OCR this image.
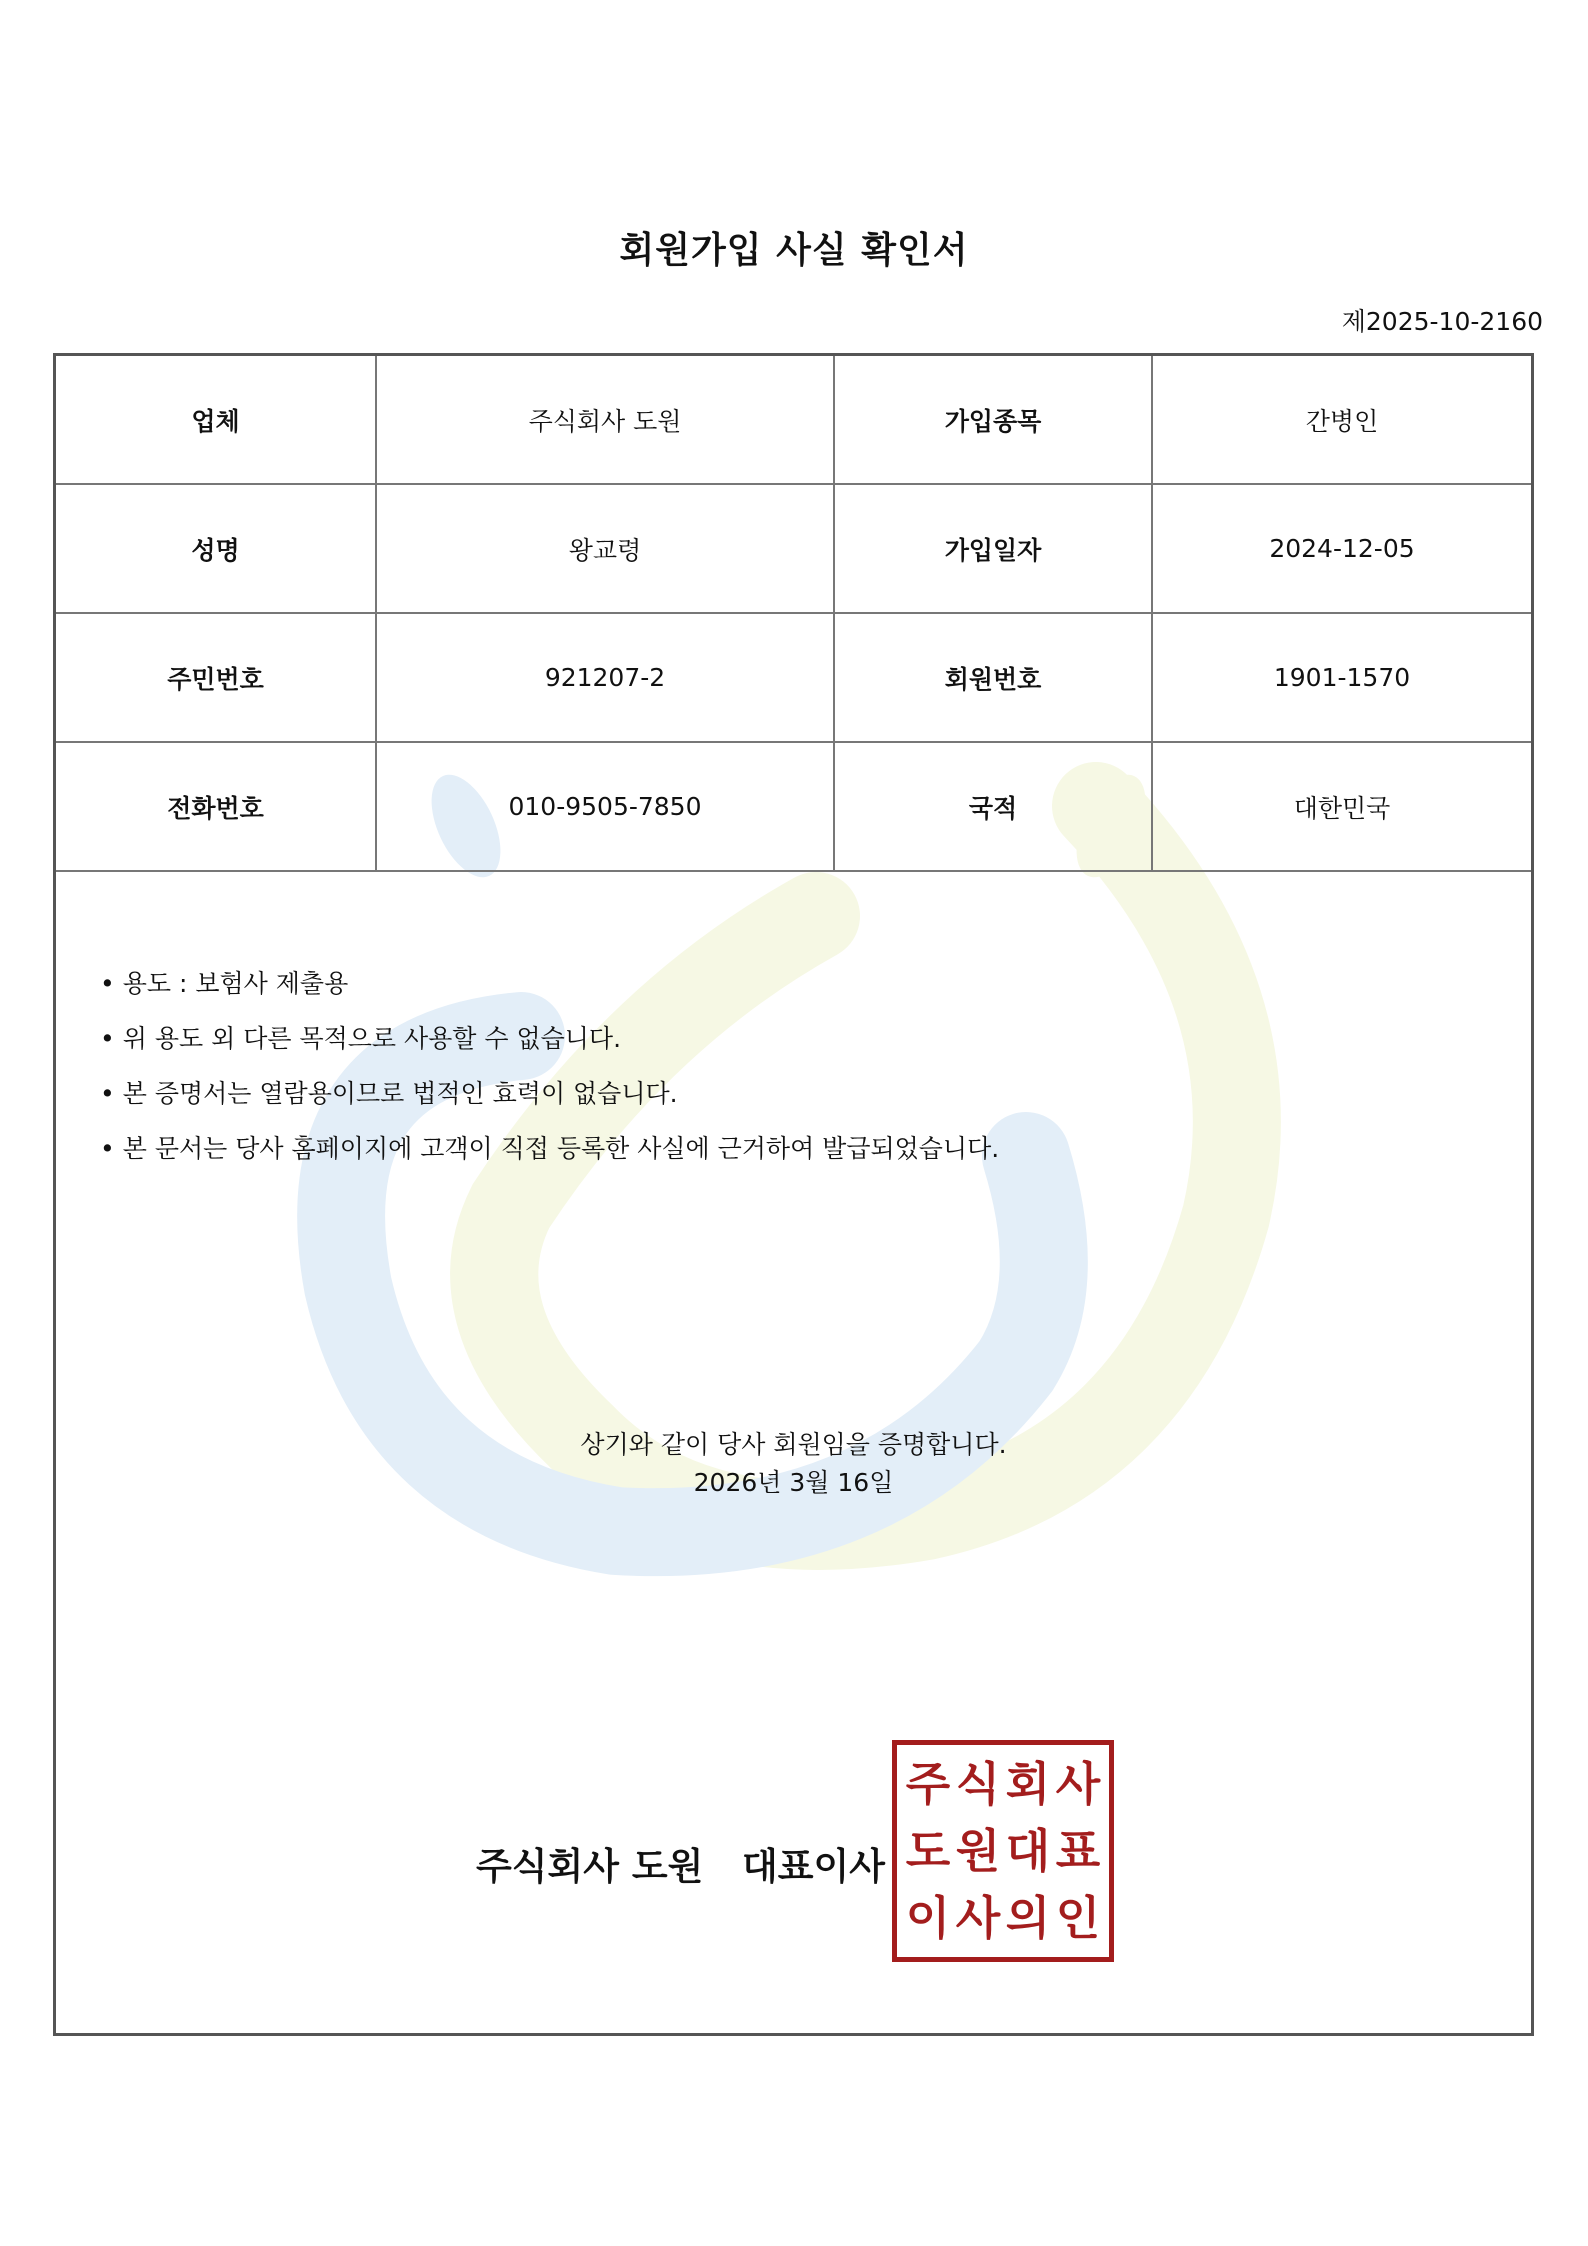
회원가입 사실 확인서
제2025-10-2160
업체	주식회사 도원	가입종목	간병인
성명	왕교령	가입일자	2024-12-05
주민번호	921207-2	회원번호	1901-1570
전화번호	010-9505-7850	국적	대한민국
• 용도 : 보험사 제출용
• 위 용도 외 다른 목적으로 사용할 수 없습니다.
• 본 증명서는 열람용이므로 법적인 효력이 없습니다.
• 본 문서는 당사 홈페이지에 고객이 직접 등록한 사실에 근거하여 발급되었습니다.
상기와 같이 당사 회원임을 증명합니다.
2026년 3월 16일
주식회사 도원 대표이사
주 식 회 사
도 원 대 표
이 사 의 인
